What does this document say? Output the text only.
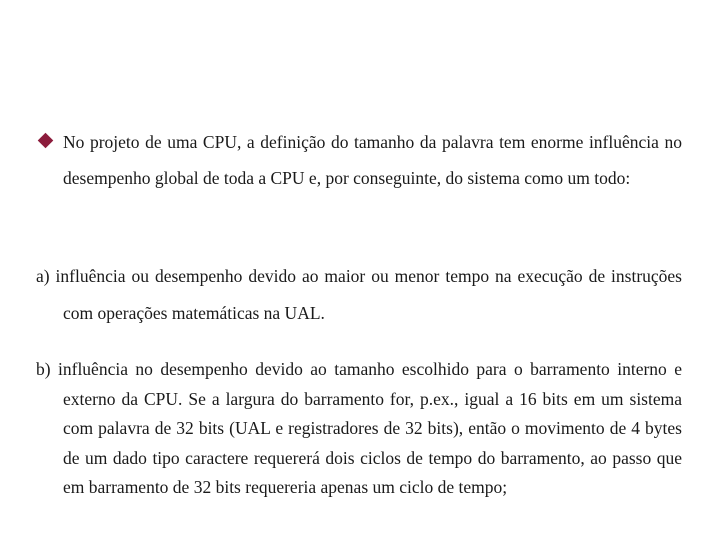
No projeto de uma CPU, a definição do tamanho da palavra tem enorme influência no desempenho global de toda a CPU e, por conseguinte, do sistema como um todo:

a) influência ou desempenho devido ao maior ou menor tempo na execução de instruções com operações matemáticas na UAL.

b) influência no desempenho devido ao tamanho escolhido para o barramento interno e externo da CPU. Se a largura do barramento for, p.ex., igual a 16 bits em um sistema com palavra de 32 bits (UAL e registradores de 32 bits), então o movimento de 4 bytes de um dado tipo caractere requererá dois ciclos de tempo do barramento, ao passo que em barramento de 32 bits requereria apenas um ciclo de tempo;
